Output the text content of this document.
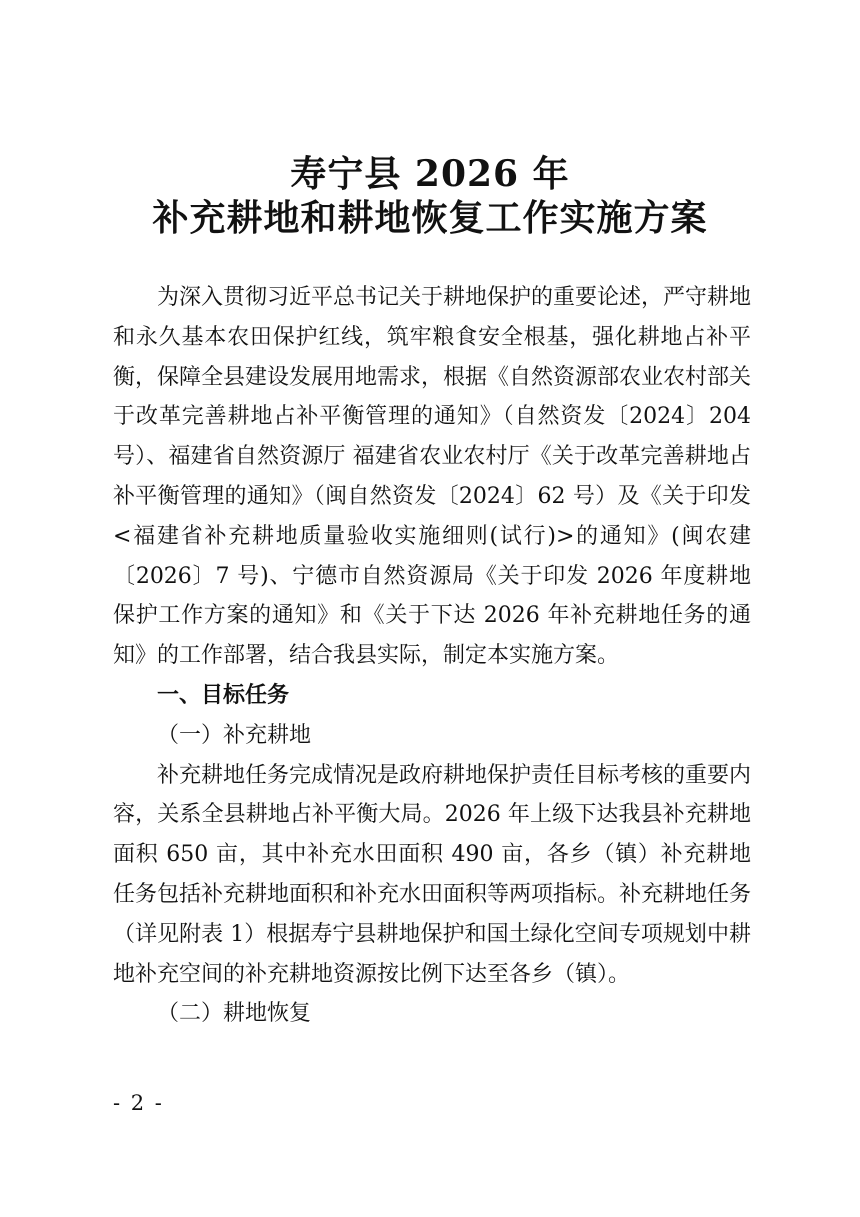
寿宁县 2026 年
补充耕地和耕地恢复工作实施方案

为深入贯彻习近平总书记关于耕地保护的重要论述，严守耕地和永久基本农田保护红线，筑牢粮食安全根基，强化耕地占补平衡，保障全县建设发展用地需求，根据《自然资源部农业农村部关于改革完善耕地占补平衡管理的通知》（自然资发〔2024〕204 号）、福建省自然资源厅 福建省农业农村厅《关于改革完善耕地占补平衡管理的通知》（闽自然资发〔2024〕62 号）及《关于印发<福建省补充耕地质量验收实施细则(试行)>的通知》(闽农建〔2026〕7 号)、宁德市自然资源局《关于印发 2026 年度耕地保护工作方案的通知》和《关于下达 2026 年补充耕地任务的通知》的工作部署，结合我县实际，制定本实施方案。

一、目标任务

（一）补充耕地

补充耕地任务完成情况是政府耕地保护责任目标考核的重要内容，关系全县耕地占补平衡大局。2026 年上级下达我县补充耕地面积 650 亩，其中补充水田面积 490 亩，各乡（镇）补充耕地任务包括补充耕地面积和补充水田面积等两项指标。补充耕地任务（详见附表 1）根据寿宁县耕地保护和国土绿化空间专项规划中耕地补充空间的补充耕地资源按比例下达至各乡（镇）。

（二）耕地恢复

- 2 -
